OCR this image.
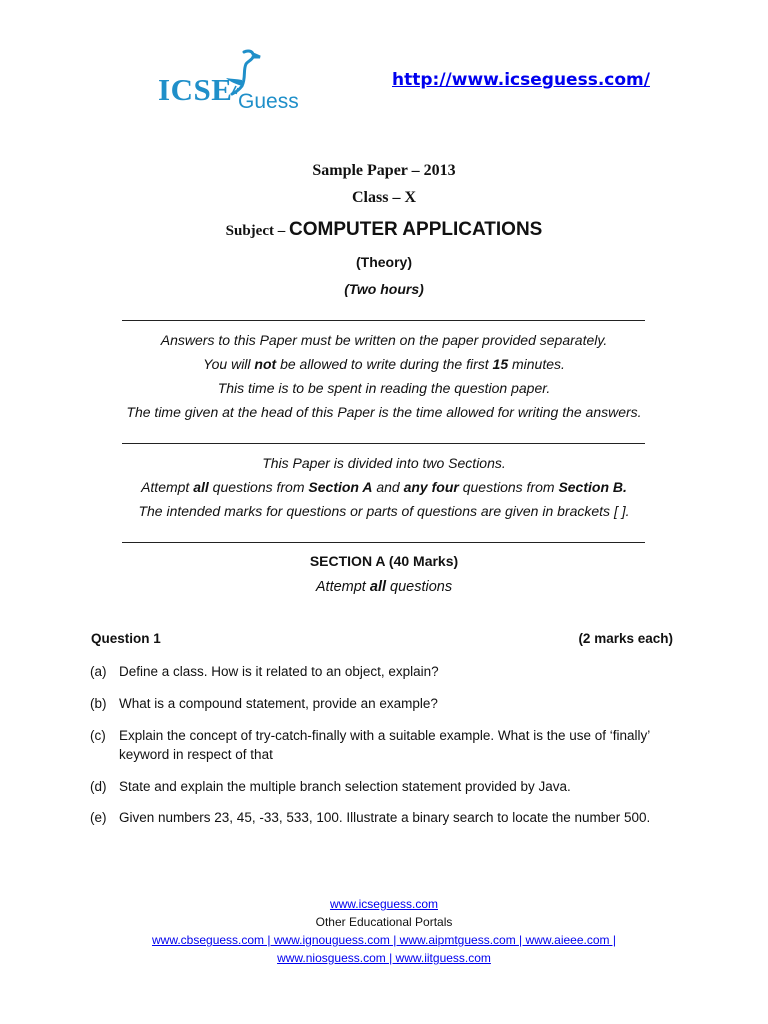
ICSE Guess
http://www.icseguess.com/
Sample Paper – 2013
Class – X
Subject – COMPUTER APPLICATIONS
(Theory)
(Two hours)
Answers to this Paper must be written on the paper provided separately.
You will not be allowed to write during the first 15 minutes.
This time is to be spent in reading the question paper.
The time given at the head of this Paper is the time allowed for writing the answers.
This Paper is divided into two Sections.
Attempt all questions from Section A and any four questions from Section B.
The intended marks for questions or parts of questions are given in brackets [ ].
SECTION A (40 Marks)
Attempt all questions
Question 1	(2 marks each)
(a) Define a class. How is it related to an object, explain?
(b) What is a compound statement, provide an example?
(c) Explain the concept of try-catch-finally with a suitable example. What is the use of ‘finally’ keyword in respect of that
(d) State and explain the multiple branch selection statement provided by Java.
(e) Given numbers 23, 45, -33, 533, 100. Illustrate a binary search to locate the number 500.
www.icseguess.com
Other Educational Portals
www.cbseguess.com | www.ignouguess.com | www.aipmtguess.com | www.aieee.com |
www.niosguess.com | www.iitguess.com
